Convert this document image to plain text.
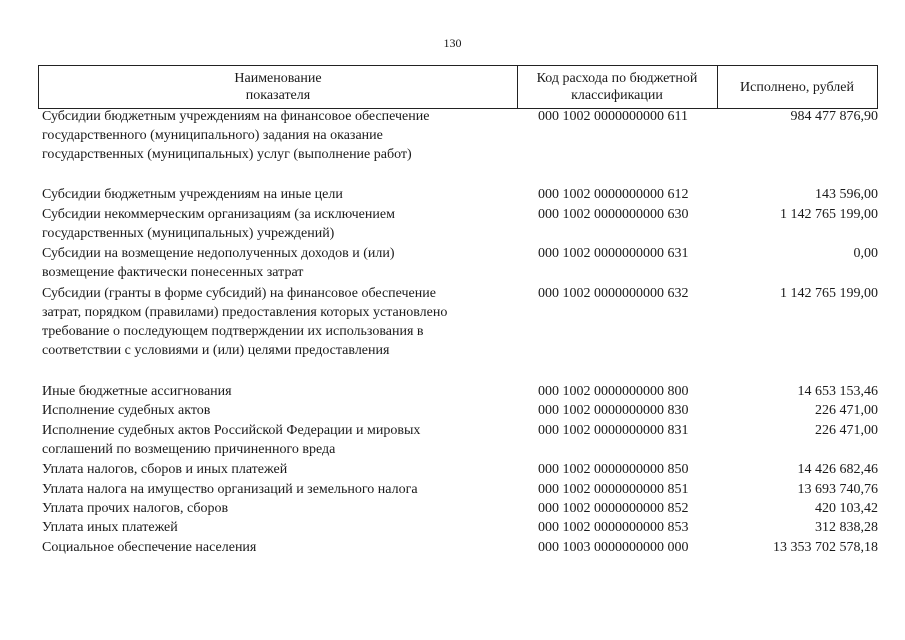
130
Наименование
показателя
Код расхода по бюджетной
классификации
Исполнено, рублей
Субсидии бюджетным учреждениям на финансовое обеспечение
государственного (муниципального) задания на оказание
государственных (муниципальных) услуг (выполнение работ)
000 1002 0000000000 611	984 477 876,90
Субсидии бюджетным учреждениям на иные цели	000 1002 0000000000 612	143 596,00
Субсидии некоммерческим организациям (за исключением
государственных (муниципальных) учреждений)
000 1002 0000000000 630	1 142 765 199,00
Субсидии на возмещение недополученных доходов и (или)
возмещение фактически понесенных затрат
000 1002 0000000000 631	0,00
Субсидии (гранты в форме субсидий) на финансовое обеспечение
затрат, порядком (правилами) предоставления которых установлено
требование о последующем подтверждении их использования в
соответствии с условиями и (или) целями предоставления
000 1002 0000000000 632	1 142 765 199,00
Иные бюджетные ассигнования	000 1002 0000000000 800	14 653 153,46
Исполнение судебных актов	000 1002 0000000000 830	226 471,00
Исполнение судебных актов Российской Федерации и мировых
соглашений по возмещению причиненного вреда
000 1002 0000000000 831	226 471,00
Уплата налогов, сборов и иных платежей	000 1002 0000000000 850	14 426 682,46
Уплата налога на имущество организаций и земельного налога	000 1002 0000000000 851	13 693 740,76
Уплата прочих налогов, сборов	000 1002 0000000000 852	420 103,42
Уплата иных платежей	000 1002 0000000000 853	312 838,28
Социальное обеспечение населения	000 1003 0000000000 000	13 353 702 578,18
